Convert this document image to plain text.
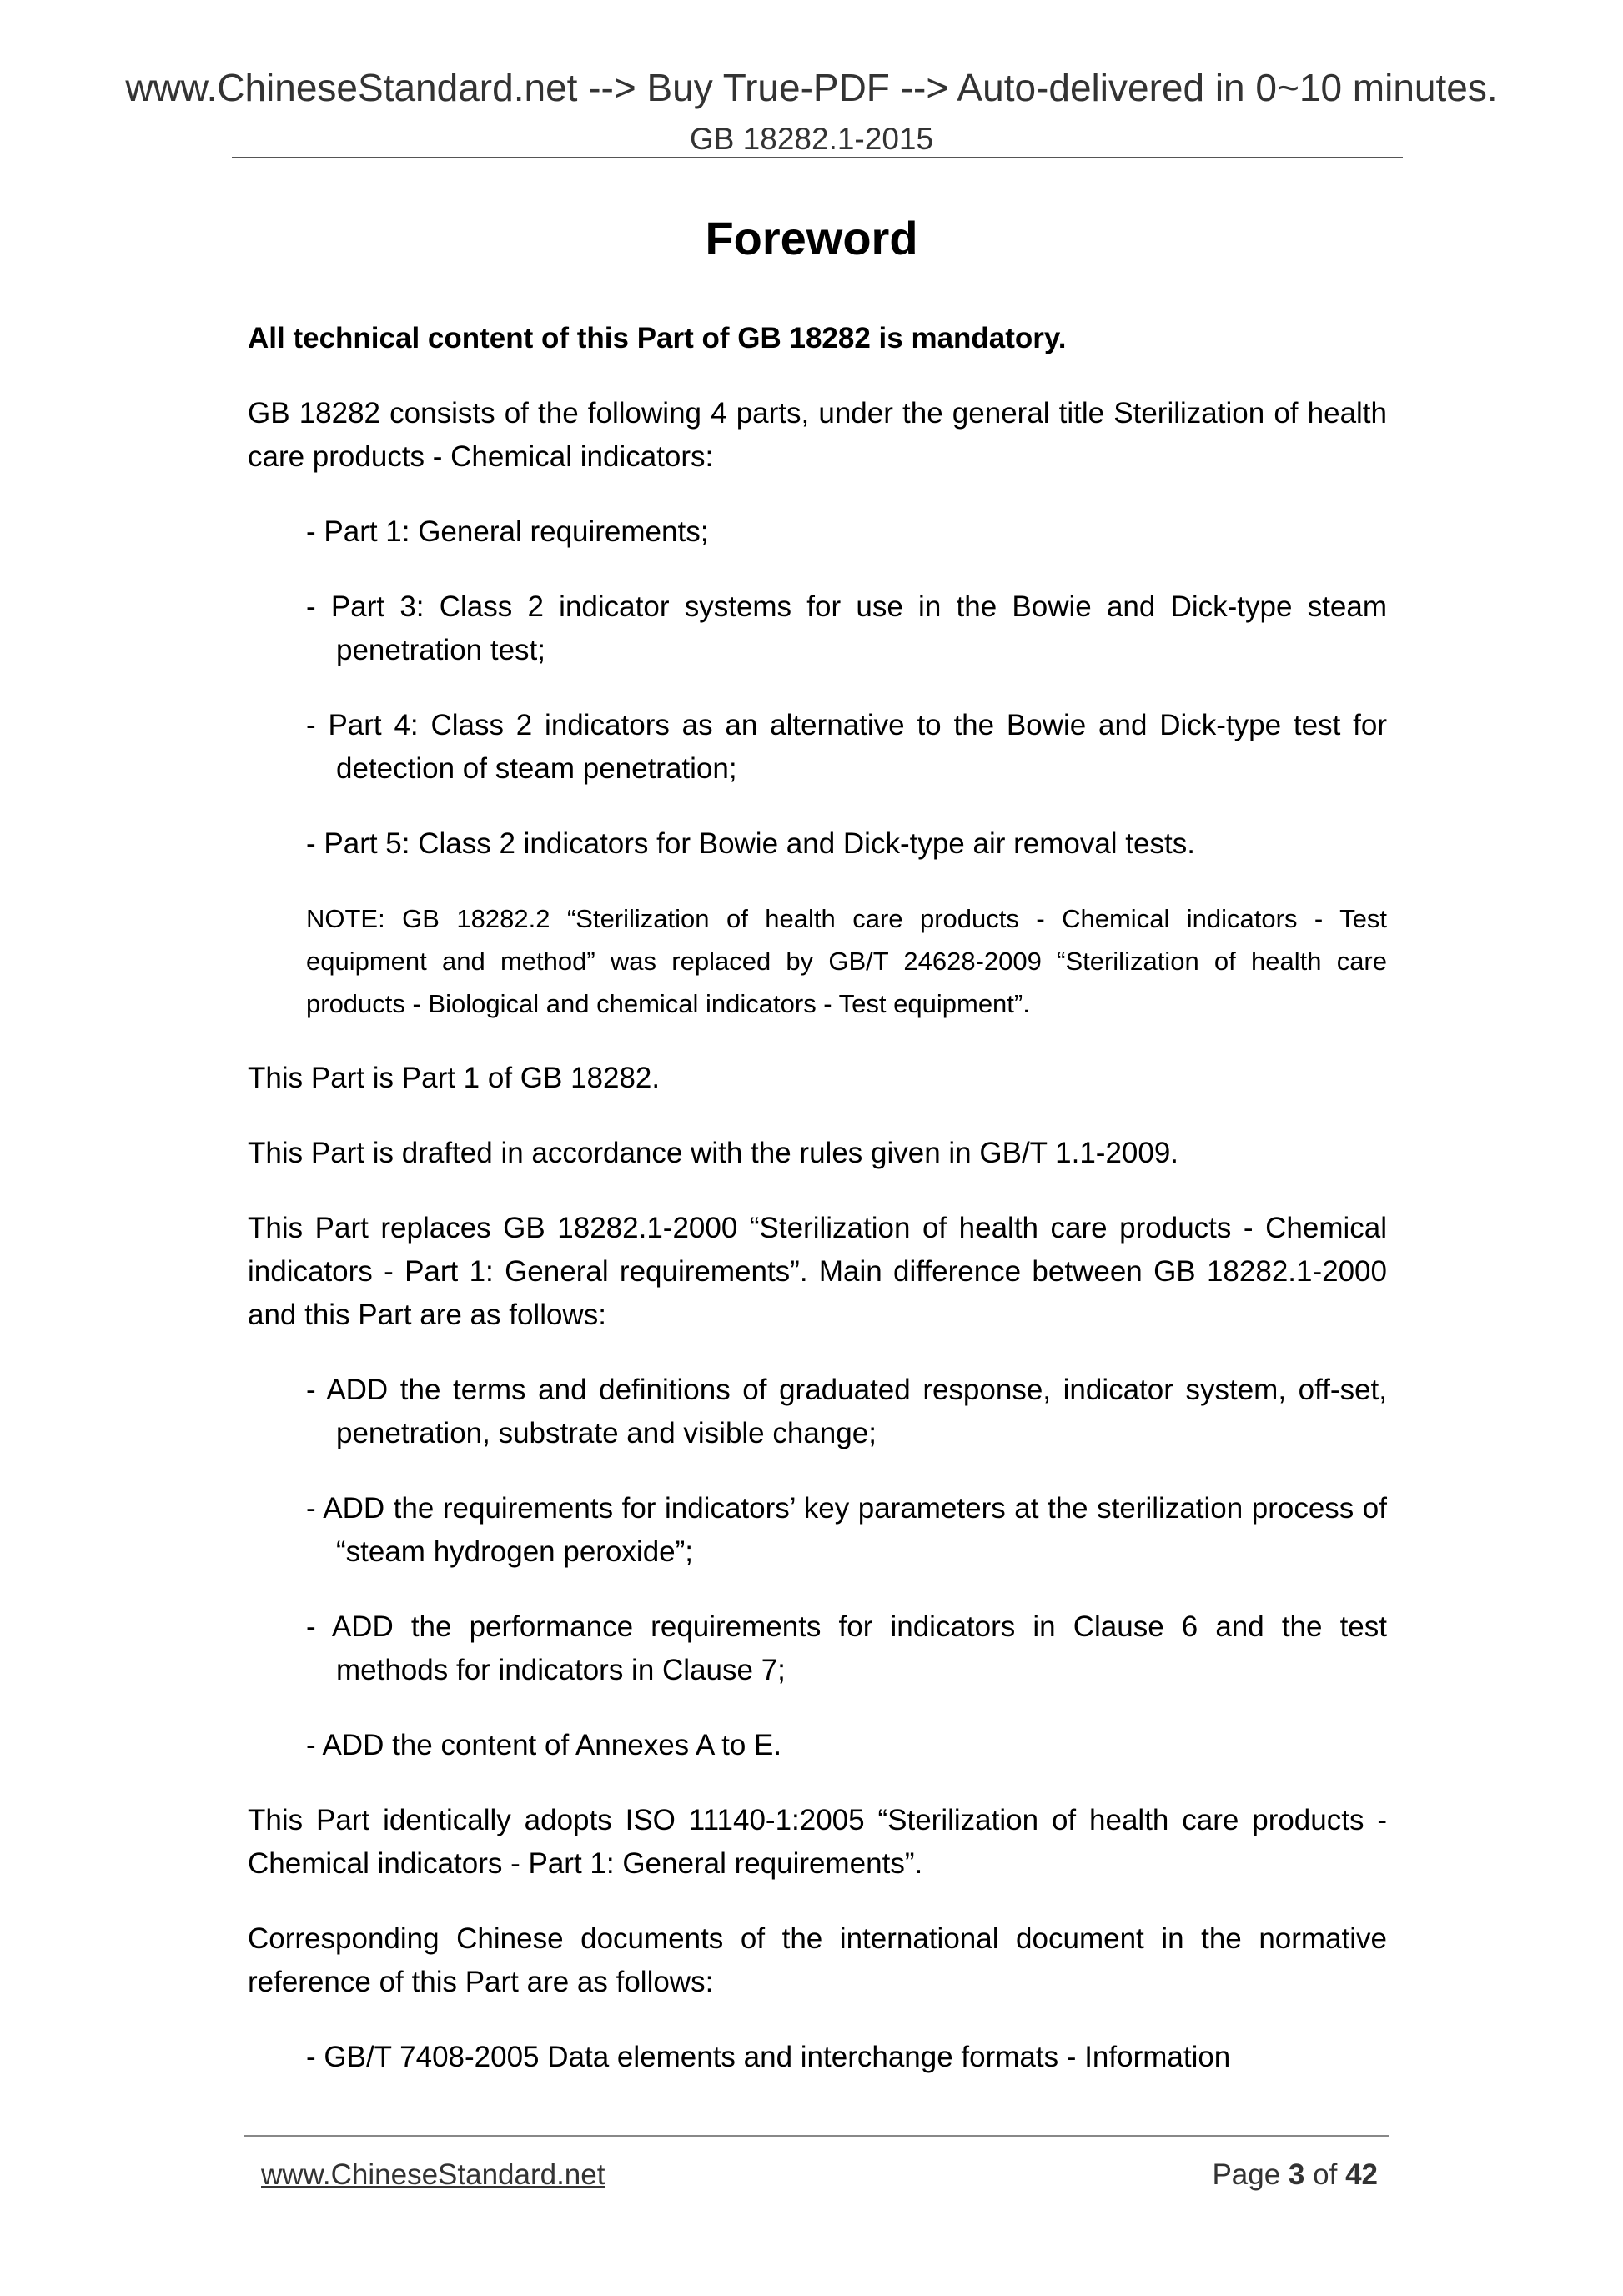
www.ChineseStandard.net --> Buy True-PDF --> Auto-delivered in 0~10 minutes.
GB 18282.1-2015
Foreword

All technical content of this Part of GB 18282 is mandatory.

GB 18282 consists of the following 4 parts, under the general title Sterilization of health care products - Chemical indicators:

- Part 1: General requirements;
- Part 3: Class 2 indicator systems for use in the Bowie and Dick-type steam penetration test;
- Part 4: Class 2 indicators as an alternative to the Bowie and Dick-type test for detection of steam penetration;
- Part 5: Class 2 indicators for Bowie and Dick-type air removal tests.
NOTE: GB 18282.2 “Sterilization of health care products - Chemical indicators - Test equipment and method” was replaced by GB/T 24628-2009 “Sterilization of health care products - Biological and chemical indicators - Test equipment”.

This Part is Part 1 of GB 18282.

This Part is drafted in accordance with the rules given in GB/T 1.1-2009.

This Part replaces GB 18282.1-2000 “Sterilization of health care products - Chemical indicators - Part 1: General requirements”. Main difference between GB 18282.1-2000 and this Part are as follows:

- ADD the terms and definitions of graduated response, indicator system, off-set, penetration, substrate and visible change;
- ADD the requirements for indicators’ key parameters at the sterilization process of “steam hydrogen peroxide”;
- ADD the performance requirements for indicators in Clause 6 and the test methods for indicators in Clause 7;
- ADD the content of Annexes A to E.

This Part identically adopts ISO 11140-1:2005 “Sterilization of health care products - Chemical indicators - Part 1: General requirements”.

Corresponding Chinese documents of the international document in the normative reference of this Part are as follows:

- GB/T 7408-2005 Data elements and interchange formats - Information
www.ChineseStandard.net	Page 3 of 42
